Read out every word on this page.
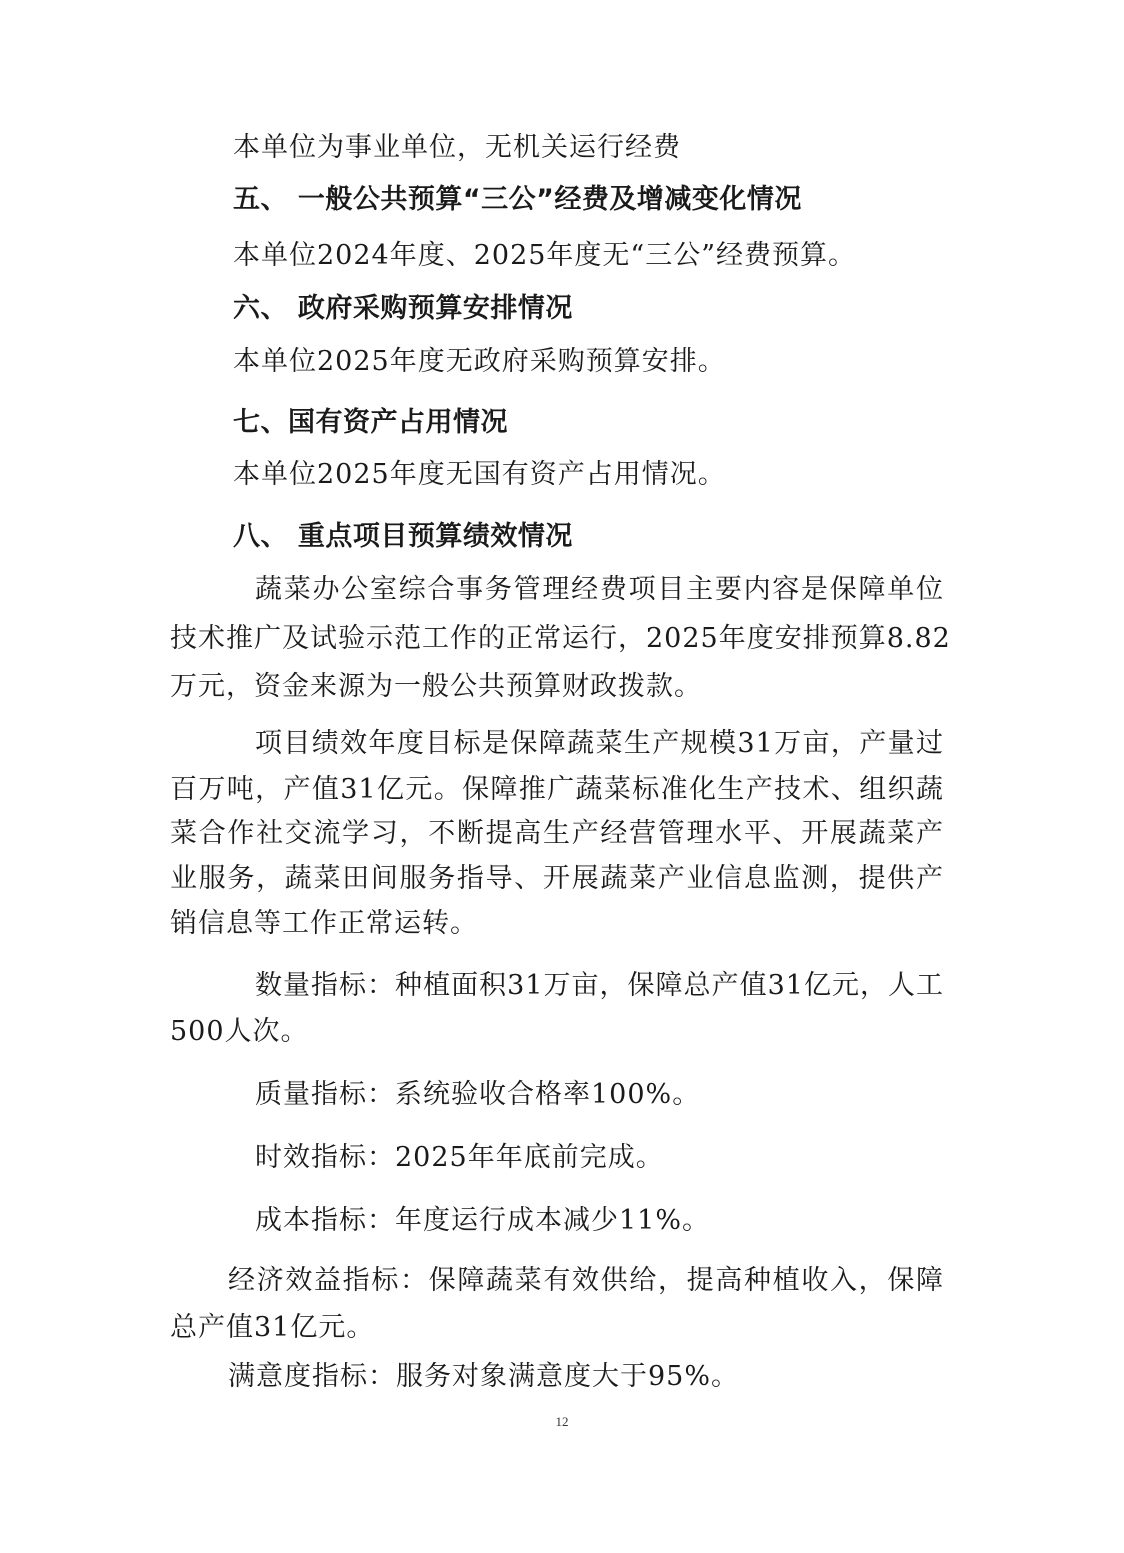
本单位为事业单位，无机关运行经费

五、 一般公共预算“三公”经费及增减变化情况

本单位2024年度、2025年度无“三公”经费预算。

六、 政府采购预算安排情况

本单位2025年度无政府采购预算安排。

七、国有资产占用情况

本单位2025年度无国有资产占用情况。

八、 重点项目预算绩效情况

蔬菜办公室综合事务管理经费项目主要内容是保障单位

技术推广及试验示范工作的正常运行，2025年度安排预算8.82

万元，资金来源为一般公共预算财政拨款。

项目绩效年度目标是保障蔬菜生产规模31万亩，产量过

百万吨，产值31亿元。保障推广蔬菜标准化生产技术、组织蔬

菜合作社交流学习，不断提高生产经营管理水平、开展蔬菜产

业服务，蔬菜田间服务指导、开展蔬菜产业信息监测，提供产

销信息等工作正常运转。

数量指标：种植面积31万亩，保障总产值31亿元，人工

500人次。

质量指标：系统验收合格率100%。

时效指标：2025年年底前完成。

成本指标：年度运行成本减少11%。

经济效益指标：保障蔬菜有效供给，提高种植收入，保障

总产值31亿元。

满意度指标：服务对象满意度大于95%。

12
